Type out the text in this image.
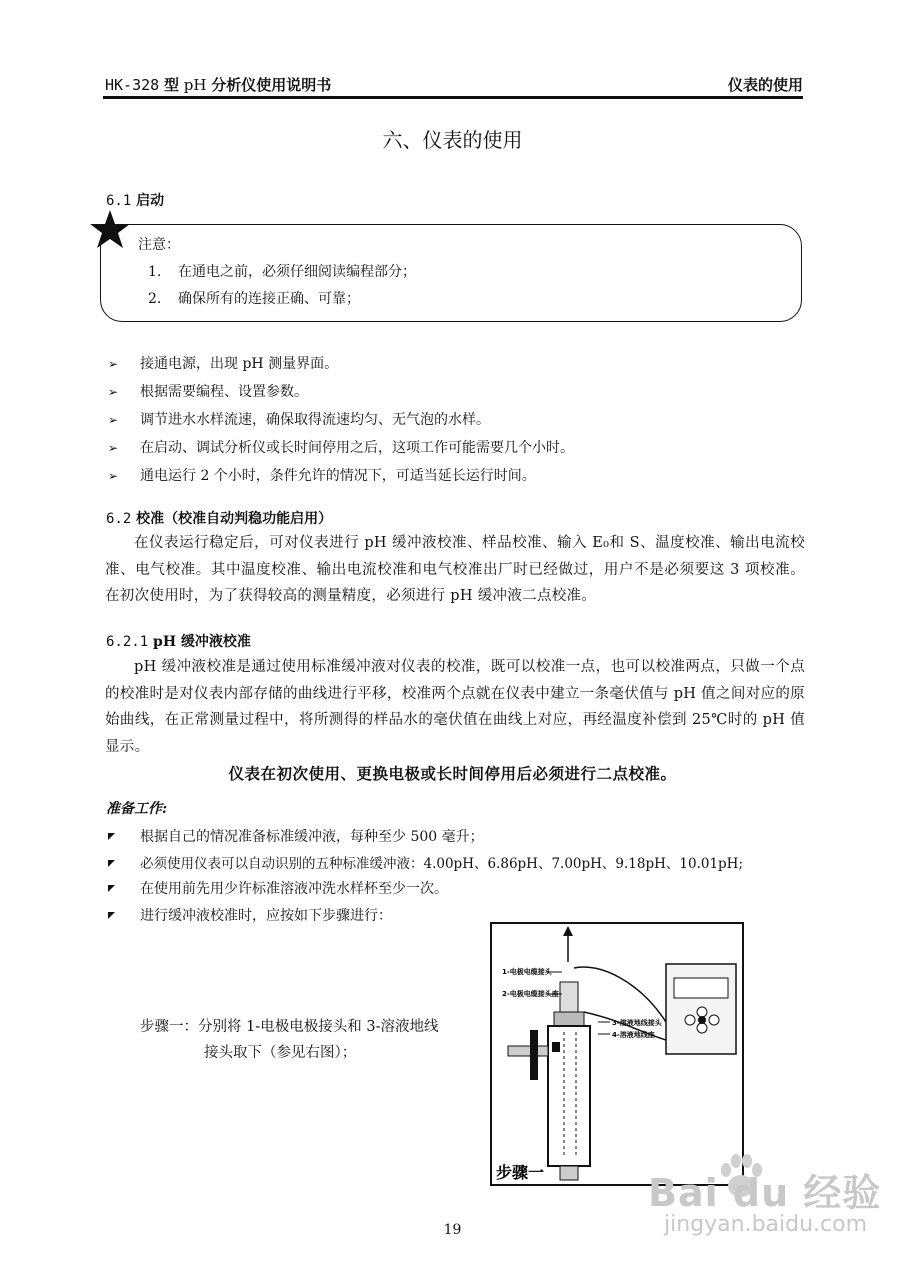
HK-328 型 pH 分析仪使用说明书	仪表的使用
六、仪表的使用
6.1 启动
注意：
1. 在通电之前，必须仔细阅读编程部分；
2. 确保所有的连接正确、可靠；
➢ 接通电源，出现 pH 测量界面。
➢ 根据需要编程、设置参数。
➢ 调节进水水样流速，确保取得流速均匀、无气泡的水样。
➢ 在启动、调试分析仪或长时间停用之后，这项工作可能需要几个小时。
➢ 通电运行 2 个小时，条件允许的情况下，可适当延长运行时间。
6.2 校准（校准自动判稳功能启用）

在仪表运行稳定后，可对仪表进行 pH 缓冲液校准、样品校准、输入 E₀和 S、温度校准、输出电流校准、电气校准。其中温度校准、输出电流校准和电气校准出厂时已经做过，用户不是必须要这 3 项校准。在初次使用时，为了获得较高的测量精度，必须进行 pH 缓冲液二点校准。

6.2.1 pH 缓冲液校准

pH 缓冲液校准是通过使用标准缓冲液对仪表的校准，既可以校准一点，也可以校准两点，只做一个点的校准时是对仪表内部存储的曲线进行平移，校准两个点就在仪表中建立一条毫伏值与 pH 值之间对应的原始曲线，在正常测量过程中，将所测得的样品水的毫伏值在曲线上对应，再经温度补偿到 25℃时的 pH 值显示。

仪表在初次使用、更换电极或长时间停用后必须进行二点校准。
准备工作:
根据自己的情况准备标准缓冲液，每种至少 500 毫升；
必须使用仪表可以自动识别的五种标准缓冲液：4.00pH、6.86pH、7.00pH、9.18pH、10.01pH;
在使用前先用少许标准溶液冲洗水样杯至少一次。
进行缓冲液校准时，应按如下步骤进行：
步骤一：分别将 1-电极电极接头和 3-溶液地线
接头取下（参见右图）；
1-电极电缆接头
2-电极电缆接头座
3-溶液地线接头
4-溶液地线座
步骤一
19
Bai du 经验
jingyan.baidu.com
